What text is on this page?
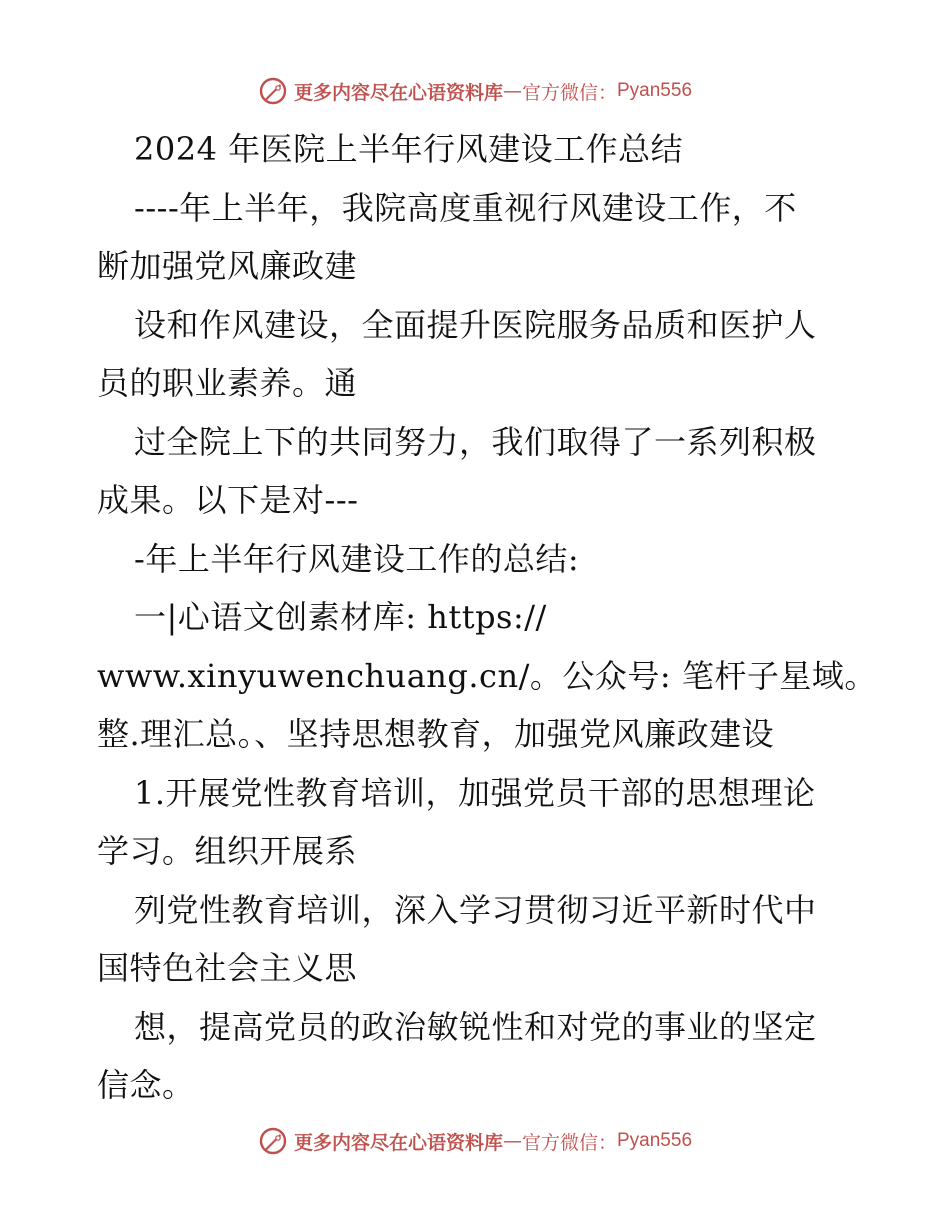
更多内容尽在心语资料库 — 官方微信： Pyan556
2024 年医院上半年行风建设工作总结
----年上半年，我院高度重视行风建设工作，不
断加强党风廉政建
设和作风建设，全面提升医院服务品质和医护人
员的职业素养。通
过全院上下的共同努力，我们取得了一系列积极
成果。以下是对---
-年上半年行风建设工作的总结:
一|心语文创素材库: https://
www.xinyuwenchuang.cn/。公众号: 笔杆子星域。
整.理汇总。、坚持思想教育，加强党风廉政建设
1.开展党性教育培训，加强党员干部的思想理论
学习。组织开展系
列党性教育培训，深入学习贯彻习近平新时代中
国特色社会主义思
想，提高党员的政治敏锐性和对党的事业的坚定
信念。
更多内容尽在心语资料库 — 官方微信： Pyan556
